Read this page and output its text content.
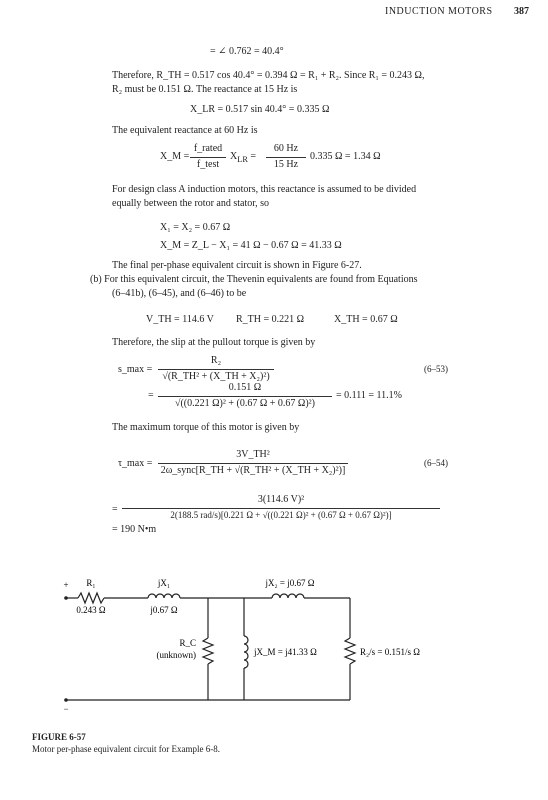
INDUCTION MOTORS 387
= ∠ 0.762 = 40.4°
Therefore, R_TH = 0.517 cos 40.4° = 0.394 Ω = R₁ + R₂. Since R₁ = 0.243 Ω,
R₂ must be 0.151 Ω. The reactance at 15 Hz is
X_LR = 0.517 sin 40.4° = 0.335 Ω
The equivalent reactance at 60 Hz is
X_M =
f_rated
f_test
$X_{LR}$ =
60 Hz
15 Hz
0.335 Ω = 1.34 Ω
For design class A induction motors, this reactance is assumed to be divided
equally between the rotor and stator, so
X₁ = X₂ = 0.67 Ω
X_M = Z_L − X₁ = 41 Ω − 0.67 Ω = 41.33 Ω
The final per-phase equivalent circuit is shown in Figure 6-27.
(b) For this equivalent circuit, the Thevenin equivalents are found from Equations
(6–41b), (6–45), and (6–46) to be
V_TH = 114.6 V R_TH = 0.221 Ω	X_TH = 0.67 Ω
Therefore, the slip at the pullout torque is given by
s_max =
R₂
√(R_TH² + (X_TH + X₂)²)
(6–53)
=
0.151 Ω
√((0.221 Ω)² + (0.67 Ω + 0.67 Ω)²)
= 0.111 = 11.1%
The maximum torque of this motor is given by
τ_max =
3V_TH²
2ω_sync[R_TH + √(R_TH² + (X_TH + X₂)²)]
(6–54)
=
3(114.6 V)²
2(188.5 rad/s)[0.221 Ω + √((0.221 Ω)² + (0.67 Ω + 0.67 Ω)²)]
= 190 N•m
+
−
R₁
0.243 Ω
jX₁
j0.67 Ω
jX₂ = j0.67 Ω
R_C
(unknown)	jX_M = j41.33 Ω	R₂/s = 0.151/s Ω
FIGURE 6-57
Motor per-phase equivalent circuit for Example 6-8.
